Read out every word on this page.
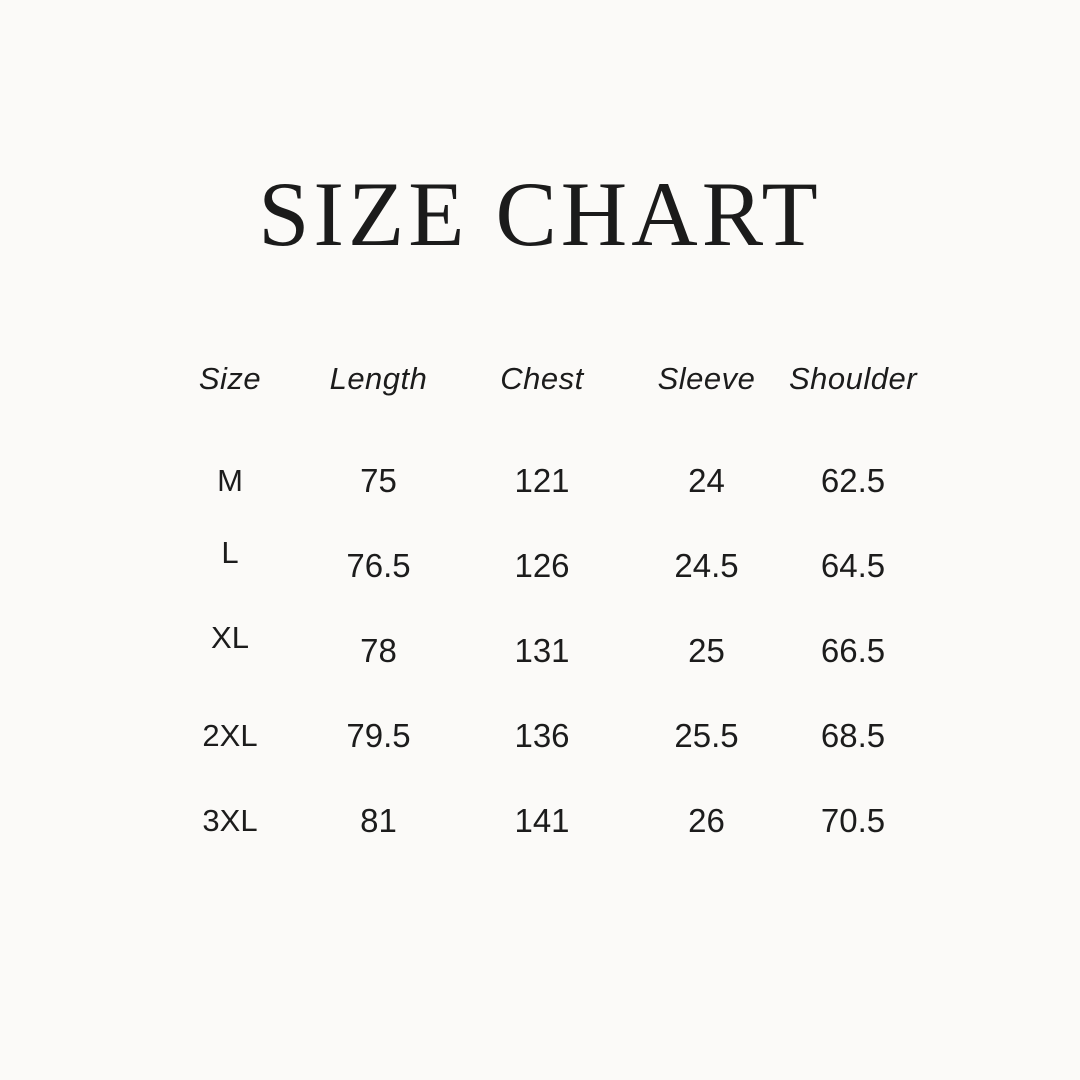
SIZE CHART
Size	Length	Chest	Sleeve	Shoulder
M	75	121	24	62.5
L	76.5	126	24.5	64.5
XL	78	131	25	66.5
2XL	79.5	136	25.5	68.5
3XL	81	141	26	70.5
